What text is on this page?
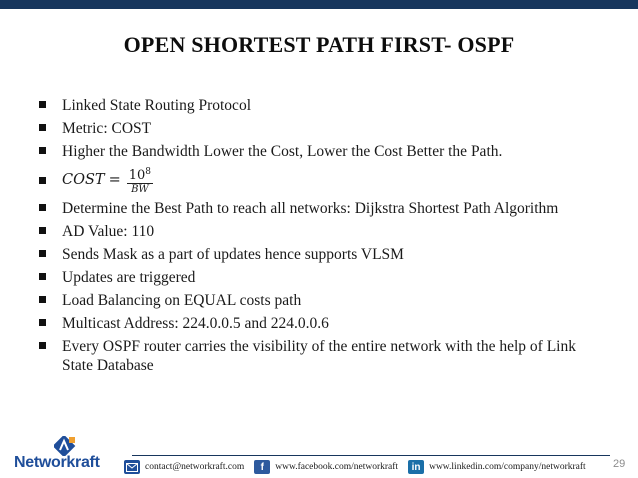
OPEN SHORTEST PATH FIRST- OSPF
Linked State Routing Protocol
Metric: COST
Higher the Bandwidth Lower the Cost, Lower the Cost Better the Path.
COST = $\frac{10^8}{BW}$
Determine the Best Path to reach all networks: Dijkstra Shortest Path Algorithm
AD Value: 110
Sends Mask as a part of updates hence supports VLSM
Updates are triggered
Load Balancing on EQUAL costs path
Multicast Address: 224.0.0.5 and 224.0.0.6
Every OSPF router carries the visibility of the entire network with the help of Link State Database
Networkraft	contact@networkraft.com	f	www.facebook.com/networkraft	in www.linkedin.com/company/networkraft 29
